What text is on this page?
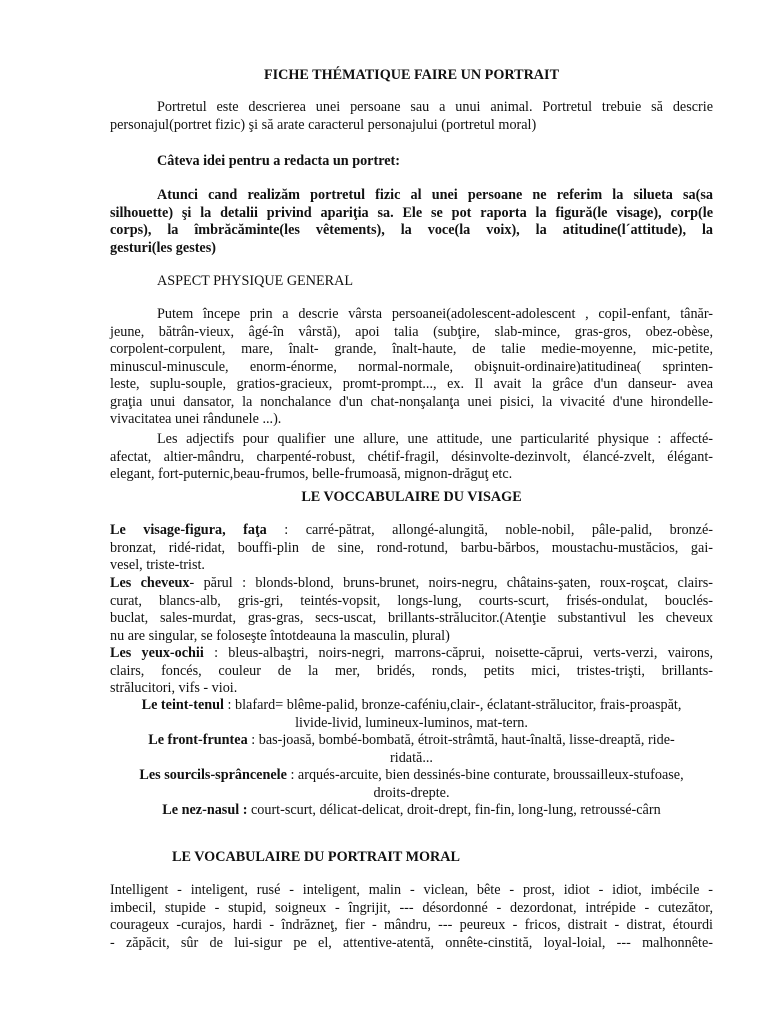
FICHE THÉMATIQUE FAIRE UN PORTRAIT
Portretul este descrierea unei persoane sau a unui animal. Portretul trebuie să descrie
personajul(portret fizic) şi să arate caracterul personajului (portretul moral)
Câteva idei pentru a redacta un portret:
Atunci cand realizăm portretul fizic al unei persoane ne referim la silueta sa(sa
silhouette) şi la detalii privind apariţia sa. Ele se pot raporta la figură(le visage), corp(le
corps), la îmbrăcăminte(les vêtements), la voce(la voix), la atitudine(l´attitude), la
gesturi(les gestes)
ASPECT PHYSIQUE GENERAL
Putem începe prin a descrie vârsta persoanei(adolescent-adolescent , copil-enfant, tânăr-
jeune, bătrân-vieux, âgé-în vârstă), apoi talia (subţire, slab-mince, gras-gros, obez-obèse,
corpolent-corpulent, mare, înalt- grande, înalt-haute, de talie medie-moyenne, mic-petite,
minuscul-minuscule, enorm-énorme, normal-normale, obişnuit-ordinaire)atitudinea( sprinten-
leste, suplu-souple, gratios-gracieux, promt-prompt..., ex. Il avait la grâce d'un danseur- avea
graţia unui dansator, la nonchalance d'un chat-nonşalanţa unei pisici, la vivacité d'une hirondelle-
vivacitatea unei rândunele ...).
Les adjectifs pour qualifier une allure, une attitude, une particularité physique : affecté-
afectat, altier-mândru, charpenté-robust, chétif-fragil, désinvolte-dezinvolt, élancé-zvelt, élégant-
elegant, fort-puternic,beau-frumos, belle-frumoasă, mignon-drăguţ etc.
LE VOCCABULAIRE DU VISAGE
Le visage-figura, faţa : carré-pătrat, allongé-alungită, noble-nobil, pâle-palid, bronzé-
bronzat, ridé-ridat, bouffi-plin de sine, rond-rotund, barbu-bărbos, moustachu-mustăcios, gai-
vesel, triste-trist.
Les cheveux- părul : blonds-blond, bruns-brunet, noirs-negru, châtains-şaten, roux-roşcat, clairs-
curat, blancs-alb, gris-gri, teintés-vopsit, longs-lung, courts-scurt, frisés-ondulat, bouclés-
buclat, sales-murdat, gras-gras, secs-uscat, brillants-strălucitor.(Atenţie substantivul les cheveux
nu are singular, se foloseşte întotdeauna la masculin, plural)
Les yeux-ochii : bleus-albaştri, noirs-negri, marrons-căprui, noisette-căprui, verts-verzi, vairons,
clairs, foncés, couleur de la mer, bridés, ronds, petits mici, tristes-trişti, brillants-
strălucitori, vifs - vioi.
Le teint-tenul : blafard= blême-palid, bronze-caféniu,clair-, éclatant-strălucitor, frais-proaspăt,
livide-livid, lumineux-luminos, mat-tern.
Le front-fruntea : bas-joasă, bombé-bombată, étroit-strâmtă, haut-înaltă, lisse-dreaptă, ride-
ridată...
Les sourcils-sprâncenele : arqués-arcuite, bien dessinés-bine conturate, broussailleux-stufoase,
droits-drepte.
Le nez-nasul : court-scurt, délicat-delicat, droit-drept, fin-fin, long-lung, retroussé-cârn
LE VOCABULAIRE DU PORTRAIT MORAL
Intelligent - inteligent, rusé - inteligent, malin - viclean, bête - prost, idiot - idiot, imbécile -
imbecil, stupide - stupid, soigneux - îngrijit, --- désordonné - dezordonat, intrépide - cutezător,
courageux -curajos, hardi - îndrăzneţ, fier - mândru, --- peureux - fricos, distrait - distrat, étourdi
- zăpăcit, sûr de lui-sigur pe el, attentive-atentă, onnête-cinstită, loyal-loial, --- malhonnête-
